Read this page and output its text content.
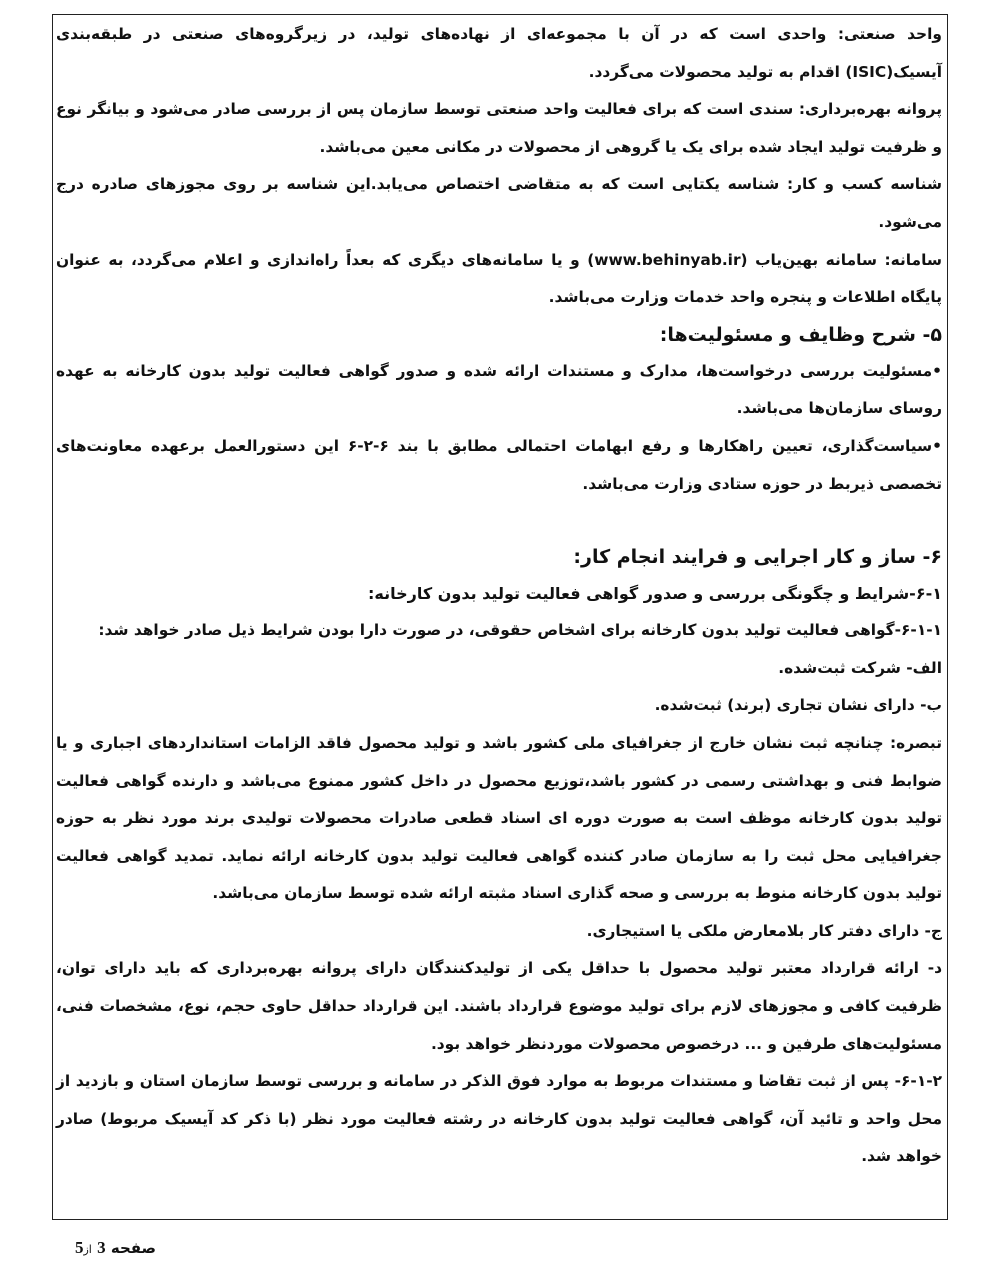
واحد صنعتی: واحدی است که در آن با مجموعه‌ای از نهاده‌های تولید، در زیرگروه‌های صنعتی در طبقه‌بندی آیسیک(ISIC) اقدام به تولید محصولات می‌گردد.

پروانه بهره‌برداری: سندی است که برای فعالیت واحد صنعتی توسط سازمان پس از بررسی صادر می‌شود و بیانگر نوع و ظرفیت تولید ایجاد شده برای یک یا گروهی از محصولات در مکانی معین می‌باشد.

شناسه کسب و کار: شناسه یکتایی است که به متقاضی اختصاص می‌یابد.این شناسه بر روی مجوزهای صادره درج می‌شود.

سامانه: سامانه بهین‌یاب (www.behinyab.ir) و یا سامانه‌های دیگری که بعداً راه‌اندازی و اعلام می‌گردد، به عنوان پایگاه اطلاعات و پنجره واحد خدمات وزارت می‌باشد.

۵- شرح وظایف و مسئولیت‌ها:

•مسئولیت بررسی درخواست‌ها، مدارک و مستندات ارائه شده و صدور گواهی فعالیت تولید بدون کارخانه به عهده روسای سازمان‌ها می‌باشد.

•سیاست‌گذاری، تعیین راهکارها و رفع ابهامات احتمالی مطابق با بند ۶-۲-۶ این دستورالعمل برعهده معاونت‌های تخصصی ذیربط در حوزه ستادی وزارت می‌باشد.

۶- ساز و کار اجرایی و فرایند انجام کار:

۶-۱-شرایط و چگونگی بررسی و صدور گواهی فعالیت تولید بدون کارخانه:

۶-۱-۱-گواهی فعالیت تولید بدون کارخانه برای اشخاص حقوقی، در صورت دارا بودن شرایط ذیل صادر خواهد شد:

الف- شرکت ثبت‌شده.

ب- دارای نشان تجاری (برند) ثبت‌شده.

تبصره: چنانچه ثبت نشان خارج از جغرافیای ملی کشور باشد و تولید محصول فاقد الزامات استانداردهای اجباری و یا ضوابط فنی و بهداشتی رسمی در کشور باشد،توزیع محصول در داخل کشور ممنوع می‌باشد و دارنده گواهی فعالیت تولید بدون کارخانه موظف است به صورت دوره ای اسناد قطعی صادرات محصولات تولیدی برند مورد نظر به حوزه جغرافیایی محل ثبت را به سازمان صادر کننده گواهی فعالیت تولید بدون کارخانه ارائه نماید. تمدید گواهی فعالیت تولید بدون کارخانه منوط به بررسی و صحه گذاری اسناد مثبته ارائه شده توسط سازمان می‌باشد.

ج- دارای دفتر کار بلامعارض ملکی یا استیجاری.

د- ارائه قرارداد معتبر تولید محصول با حداقل یکی از تولیدکنندگان دارای پروانه بهره‌برداری که باید دارای توان، ظرفیت کافی و مجوزهای لازم برای تولید موضوع قرارداد باشند. این قرارداد حداقل حاوی حجم، نوع، مشخصات فنی، مسئولیت‌های طرفین و ... درخصوص محصولات موردنظر خواهد بود.

۶-۱-۲- پس از ثبت تقاضا و مستندات مربوط به موارد فوق الذکر در سامانه و بررسی توسط سازمان استان و بازدید از محل واحد و تائید آن، گواهی فعالیت تولید بدون کارخانه در رشته فعالیت مورد نظر (با ذکر کد آیسیک مربوط) صادر خواهد شد.

صفحه 3 از5
